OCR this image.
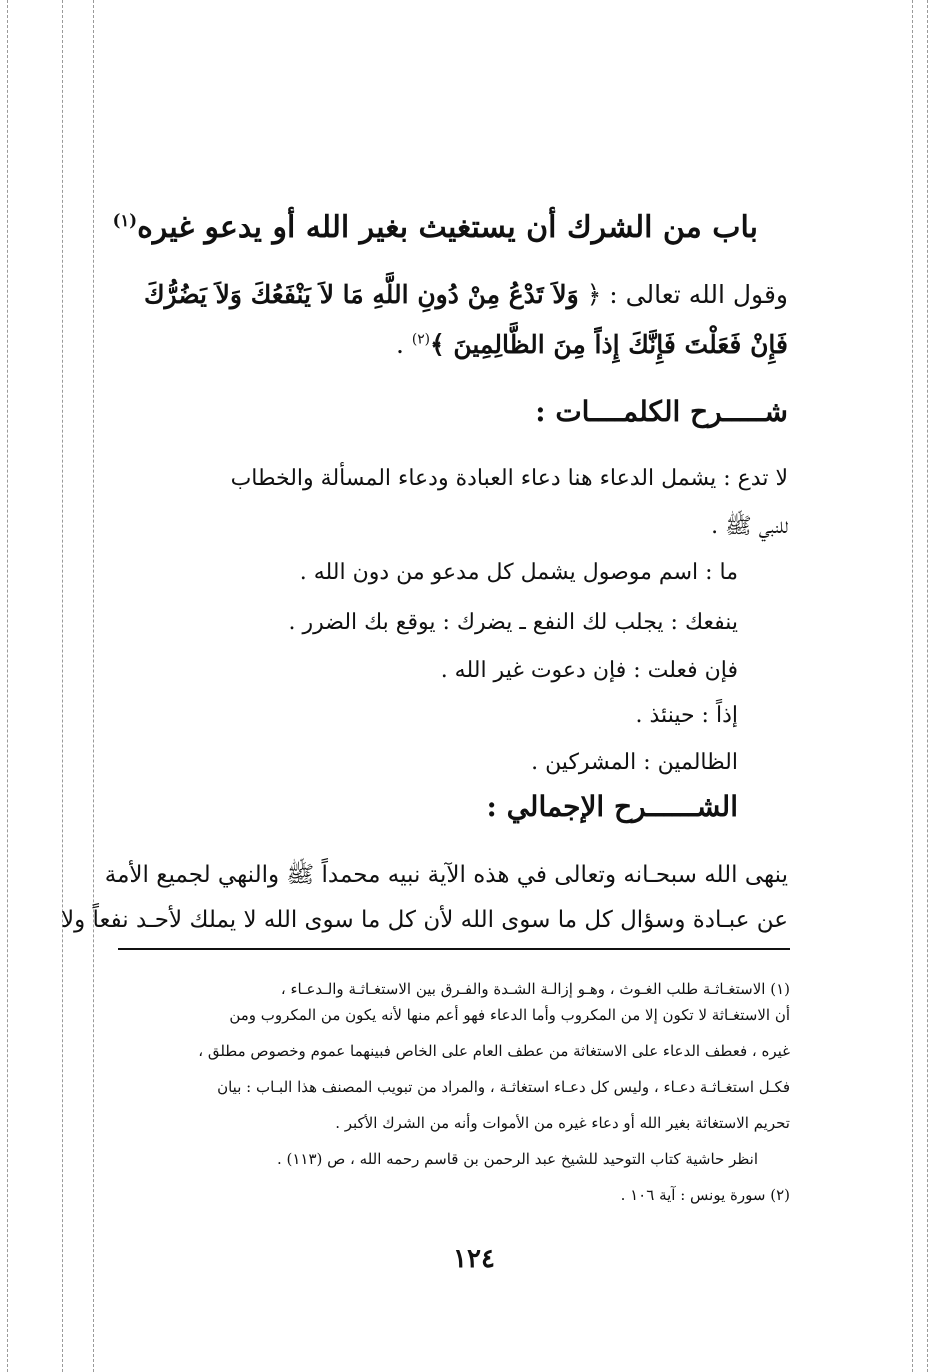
باب من الشرك أن يستغيث بغير الله أو يدعو غيره$^{(١)}$
وقول الله تعالى : ﴿ وَلاَ تَدْعُ مِنْ دُونِ اللَّهِ مَا لاَ يَنْفَعُكَ وَلاَ يَضُرُّكَ
فَإِنْ فَعَلْتَ فَإِنَّكَ إِذاً مِنَ الظَّالِمِينَ ﴾$^{(٢)}$ .
شـــــرح الكلمــــات :
لا تدع : يشمل الدعاء هنا دعاء العبادة ودعاء المسألة والخطاب
للنبي ﷺ .
ما : اسم موصول يشمل كل مدعو من دون الله .
ينفعك : يجلب لك النفع ـ يضرك : يوقع بك الضرر .
فإن فعلت : فإن دعوت غير الله .
إذاً : حينئذ .
الظالمين : المشركين .
الشــــــرح الإجمالي :
ينهى الله سبحـانه وتعالى في هذه الآية نبيه محمداً ﷺ والنهي لجميع الأمة
عن عبـادة وسؤال كل ما سوى الله لأن كل ما سوى الله لا يملك لأحـد نفعاً ولا
(١) الاستغـاثـة طلب الغـوث ، وهـو إزالـة الشـدة والفـرق بين الاستغـاثـة والـدعـاء ،
أن الاستغـاثة لا تكون إلا من المكروب وأما الدعاء فهو أعم منها لأنه يكون من المكروب ومن
غيره ، فعطف الدعاء على الاستغاثة من عطف العام على الخاص فبينهما عموم وخصوص مطلق ،
فكـل استغـاثـة دعـاء ، وليس كل دعـاء استغاثـة ، والمراد من تبويب المصنف هذا البـاب : بيان
تحريم الاستغاثة بغير الله أو دعاء غيره من الأموات وأنه من الشرك الأكبر .
انظر حاشية كتاب التوحيد للشيخ عبد الرحمن بن قاسم رحمه الله ، ص (١١٣) .
(٢) سورة يونس : آية ١٠٦ .
١٢٤
